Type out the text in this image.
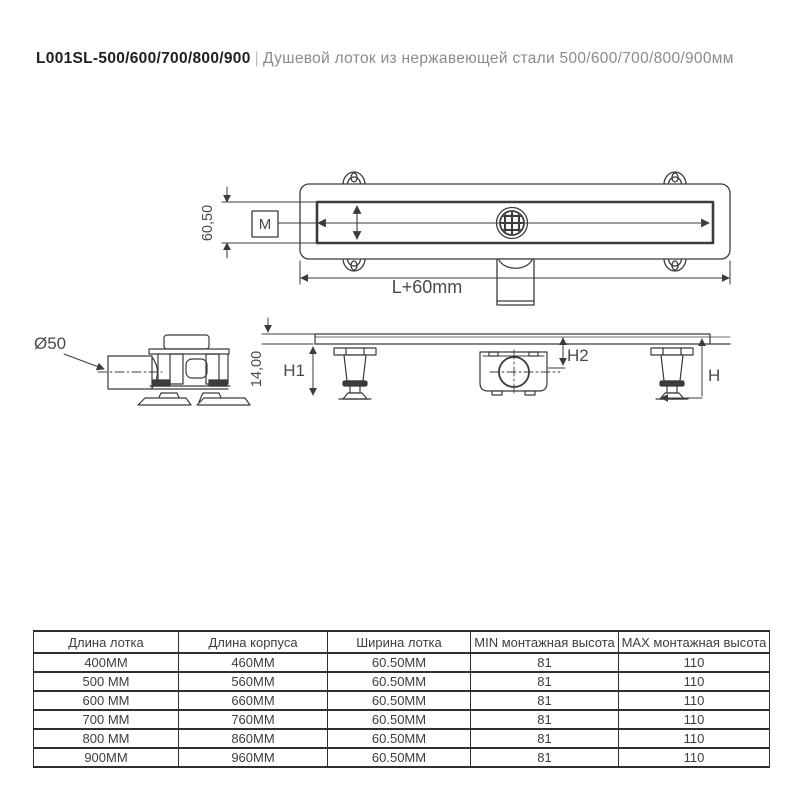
L001SL-500/600/700/800/900 | Душевой лоток из нержавеющей стали 500/600/700/800/900мм
M
60,50
L+60mm
Ø50
14,00 H1
H2
H
Длина лотка	Длина корпуса	Ширина лотка	MIN монтажная высота	MAX монтажная высота
400MM	460MM	60.50MM	81	110
500 MM	560MM	60.50MM	81	110
600 MM	660MM	60.50MM	81	110
700 MM	760MM	60.50MM	81	110
800 MM	860MM	60.50MM	81	110
900MM	960MM	60.50MM	81	110
